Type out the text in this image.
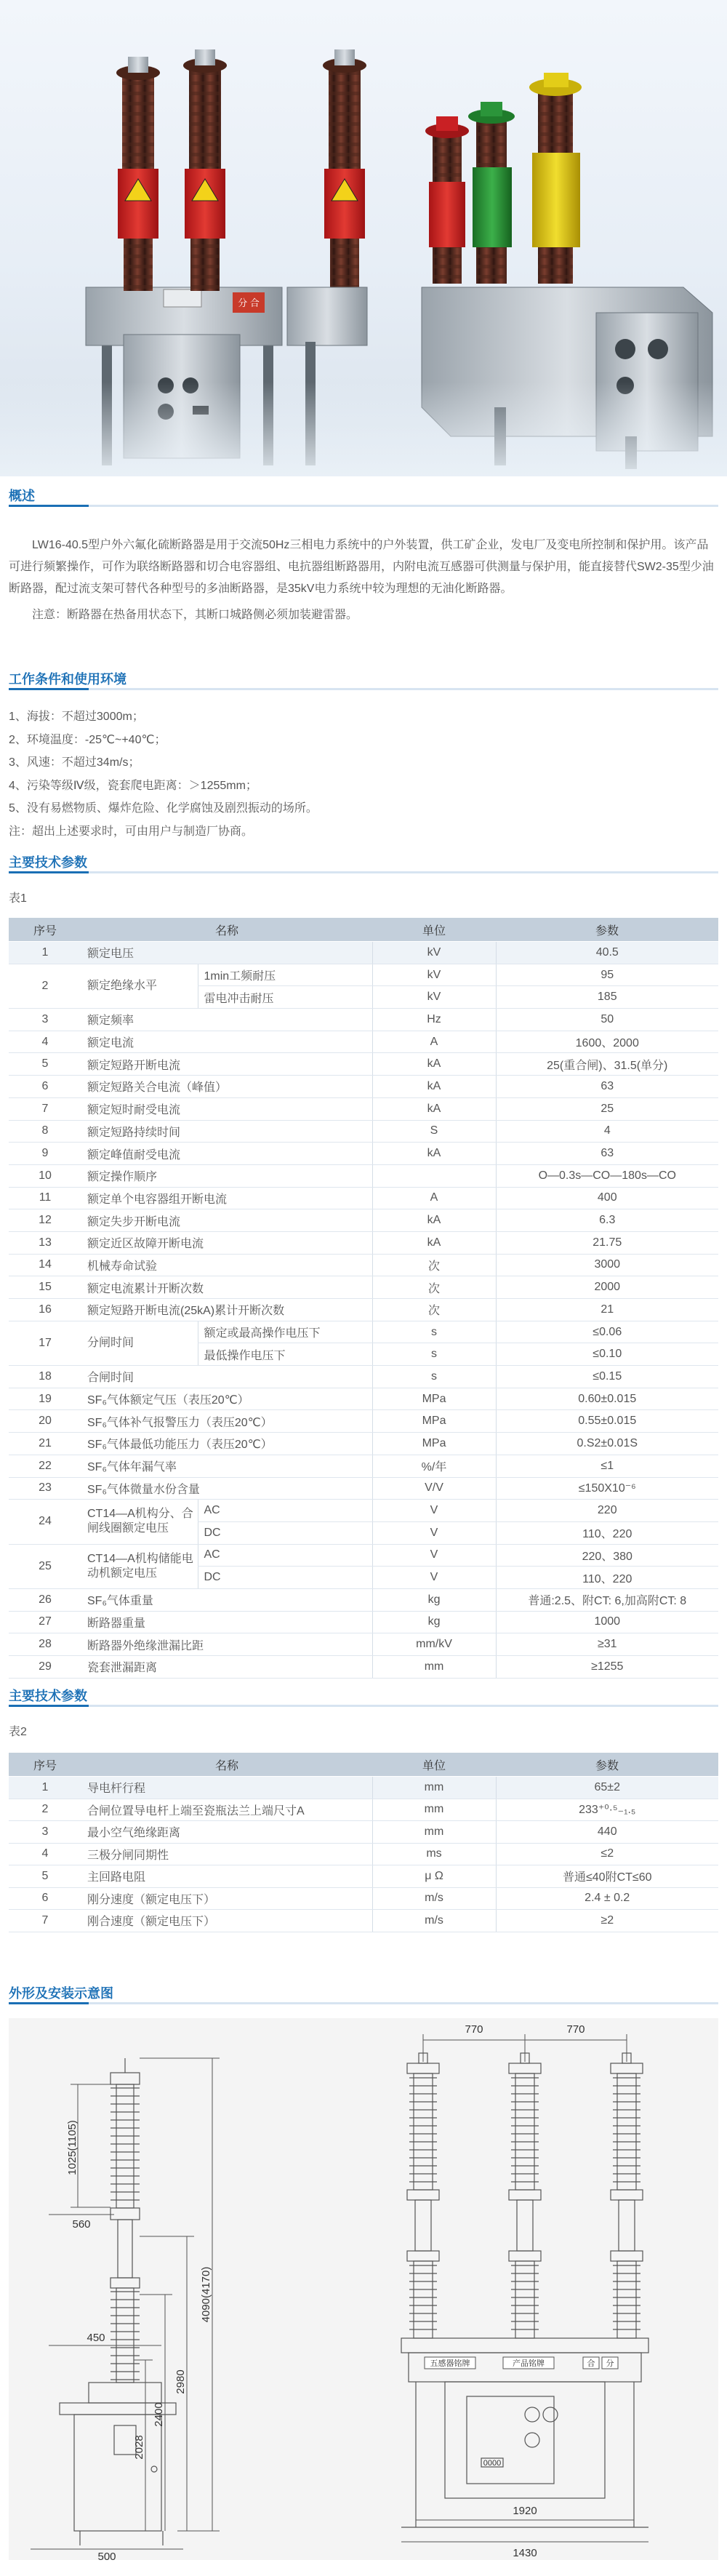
分 合
概述
LW16-40.5型户外六氟化硫断路器是用于交流50Hz三相电力系统中的户外装置，供工矿企业，发电厂及变电所控制和保护用。该产品可进行频繁操作，可作为联络断路器和切合电容器组、电抗器组断路器用，内附电流互感器可供测量与保护用，能直接替代SW2-35型少油断路器，配过流支架可替代各种型号的多油断路器，是35kV电力系统中较为理想的无油化断路器。
注意：断路器在热备用状态下，其断口城路侧必须加装避雷器。
工作条件和使用环境
1、海拔：不超过3000m；
2、环境温度：-25℃~+40℃；
3、风速：不超过34m/s；
4、污染等级Ⅳ级，瓷套爬电距离：＞1255mm；
5、没有易燃物质、爆炸危险、化学腐蚀及剧烈振动的场所。
注：超出上述要求时，可由用户与制造厂协商。
主要技术参数
表1
序号	名称		单位	参数
1	额定电压		kV	40.5
2	额定绝缘水平	1min工频耐压	kV	95
		雷电冲击耐压	kV	185
3	额定频率		Hz	50
4	额定电流		A	1600、2000
5	额定短路开断电流		kA	25(重合闸)、31.5(单分)
6	额定短路关合电流（峰值）		kA	63
7	额定短时耐受电流		kA	25
8	额定短路持续时间		S	4
9	额定峰值耐受电流		kA	63
10	额定操作顺序			O—0.3s—CO—180s—CO
11	额定单个电容器组开断电流		A	400
12	额定失步开断电流		kA	6.3
13	额定近区故障开断电流		kA	21.75
14	机械寿命试验		次	3000
15	额定电流累计开断次数		次	2000
16	额定短路开断电流(25kA)累计开断次数		次	21
17	分闸时间	额定或最高操作电压下	s	≤0.06
		最低操作电压下	s	≤0.10
18	合闸时间		s	≤0.15
19	SF₆气体额定气压（表压20℃）		MPa	0.60±0.015
20	SF₆气体补气报警压力（表压20℃）		MPa	0.55±0.015
21	SF₆气体最低功能压力（表压20℃）		MPa	0.S2±0.01S
22	SF₆气体年漏气率		%/年	≤1
23	SF₆气体微量水份含量		V/V	≤150X10⁻⁶
24	CT14—A机构分、合闸线圈额定电压	AC	V	220
		DC	V	110、220
25	CT14—A机构储能电动机额定电压	AC	V	220、380
		DC	V	110、220
26	SF₆气体重量		kg	普通:2.5、附CT: 6,加高附CT: 8
27	断路器重量		kg	1000
28	断路器外绝缘泄漏比距		mm/kV	≥31
29	瓷套泄漏距离		mm	≥1255
主要技术参数
表2
序号	名称	单位	参数
1	导电杆行程	mm	65±2
2	合闸位置导电杆上端至瓷瓶法兰上端尺寸A	mm	233⁺⁰·⁵₋₁.₅
3	最小空气绝缘距离	mm	440
4	三极分闸同期性	ms	≤2
5	主回路电阻	μ Ω	普通≤40附CT≤60
6	刚分速度（额定电压下）	m/s	2.4 ± 0.2
7	刚合速度（额定电压下）	m/s	≥2
外形及安装示意图
560
1025(1105)
4090(4170)
450
2980
2400
2028
500
770	770
1920
1430
五感器铭牌	产品铭牌	合 分
0000
